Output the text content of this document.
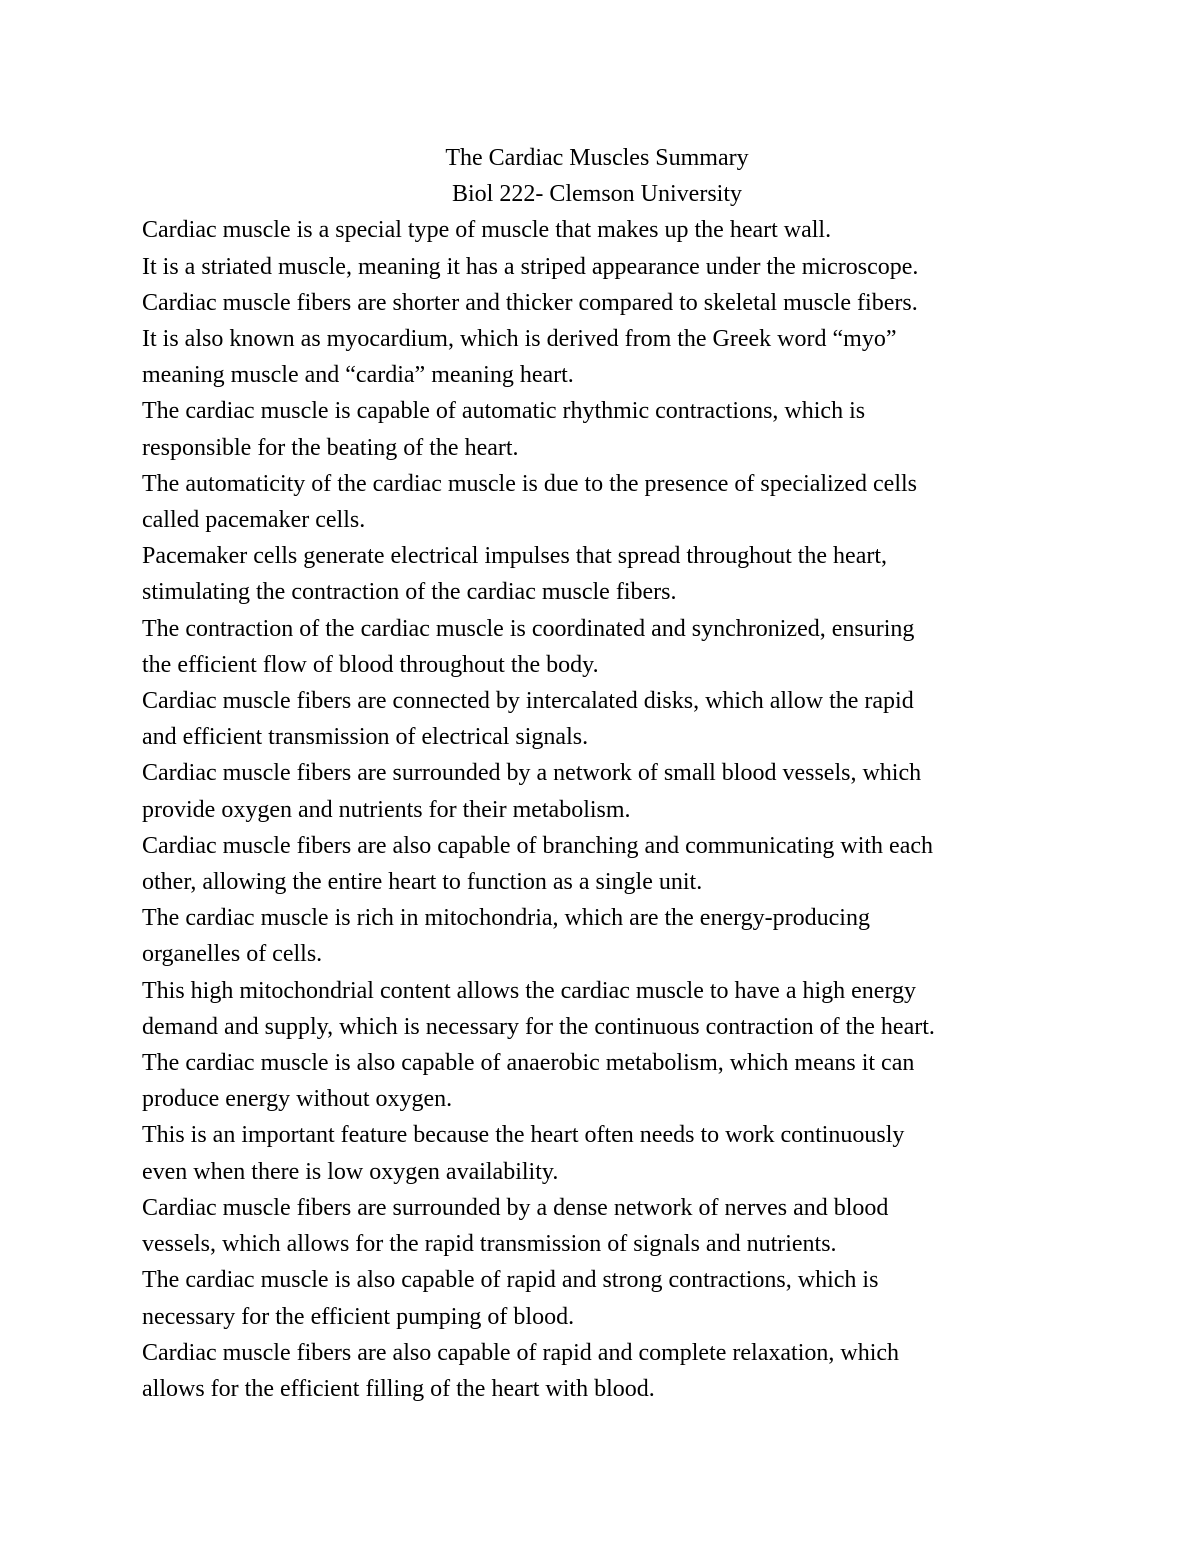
The Cardiac Muscles Summary
Biol 222- Clemson University
Cardiac muscle is a special type of muscle that makes up the heart wall.
It is a striated muscle, meaning it has a striped appearance under the microscope.
Cardiac muscle fibers are shorter and thicker compared to skeletal muscle fibers.
It is also known as myocardium, which is derived from the Greek word “myo”
meaning muscle and “cardia” meaning heart.
The cardiac muscle is capable of automatic rhythmic contractions, which is
responsible for the beating of the heart.
The automaticity of the cardiac muscle is due to the presence of specialized cells
called pacemaker cells.
Pacemaker cells generate electrical impulses that spread throughout the heart,
stimulating the contraction of the cardiac muscle fibers.
The contraction of the cardiac muscle is coordinated and synchronized, ensuring
the efficient flow of blood throughout the body.
Cardiac muscle fibers are connected by intercalated disks, which allow the rapid
and efficient transmission of electrical signals.
Cardiac muscle fibers are surrounded by a network of small blood vessels, which
provide oxygen and nutrients for their metabolism.
Cardiac muscle fibers are also capable of branching and communicating with each
other, allowing the entire heart to function as a single unit.
The cardiac muscle is rich in mitochondria, which are the energy-producing
organelles of cells.
This high mitochondrial content allows the cardiac muscle to have a high energy
demand and supply, which is necessary for the continuous contraction of the heart.
The cardiac muscle is also capable of anaerobic metabolism, which means it can
produce energy without oxygen.
This is an important feature because the heart often needs to work continuously
even when there is low oxygen availability.
Cardiac muscle fibers are surrounded by a dense network of nerves and blood
vessels, which allows for the rapid transmission of signals and nutrients.
The cardiac muscle is also capable of rapid and strong contractions, which is
necessary for the efficient pumping of blood.
Cardiac muscle fibers are also capable of rapid and complete relaxation, which
allows for the efficient filling of the heart with blood.
